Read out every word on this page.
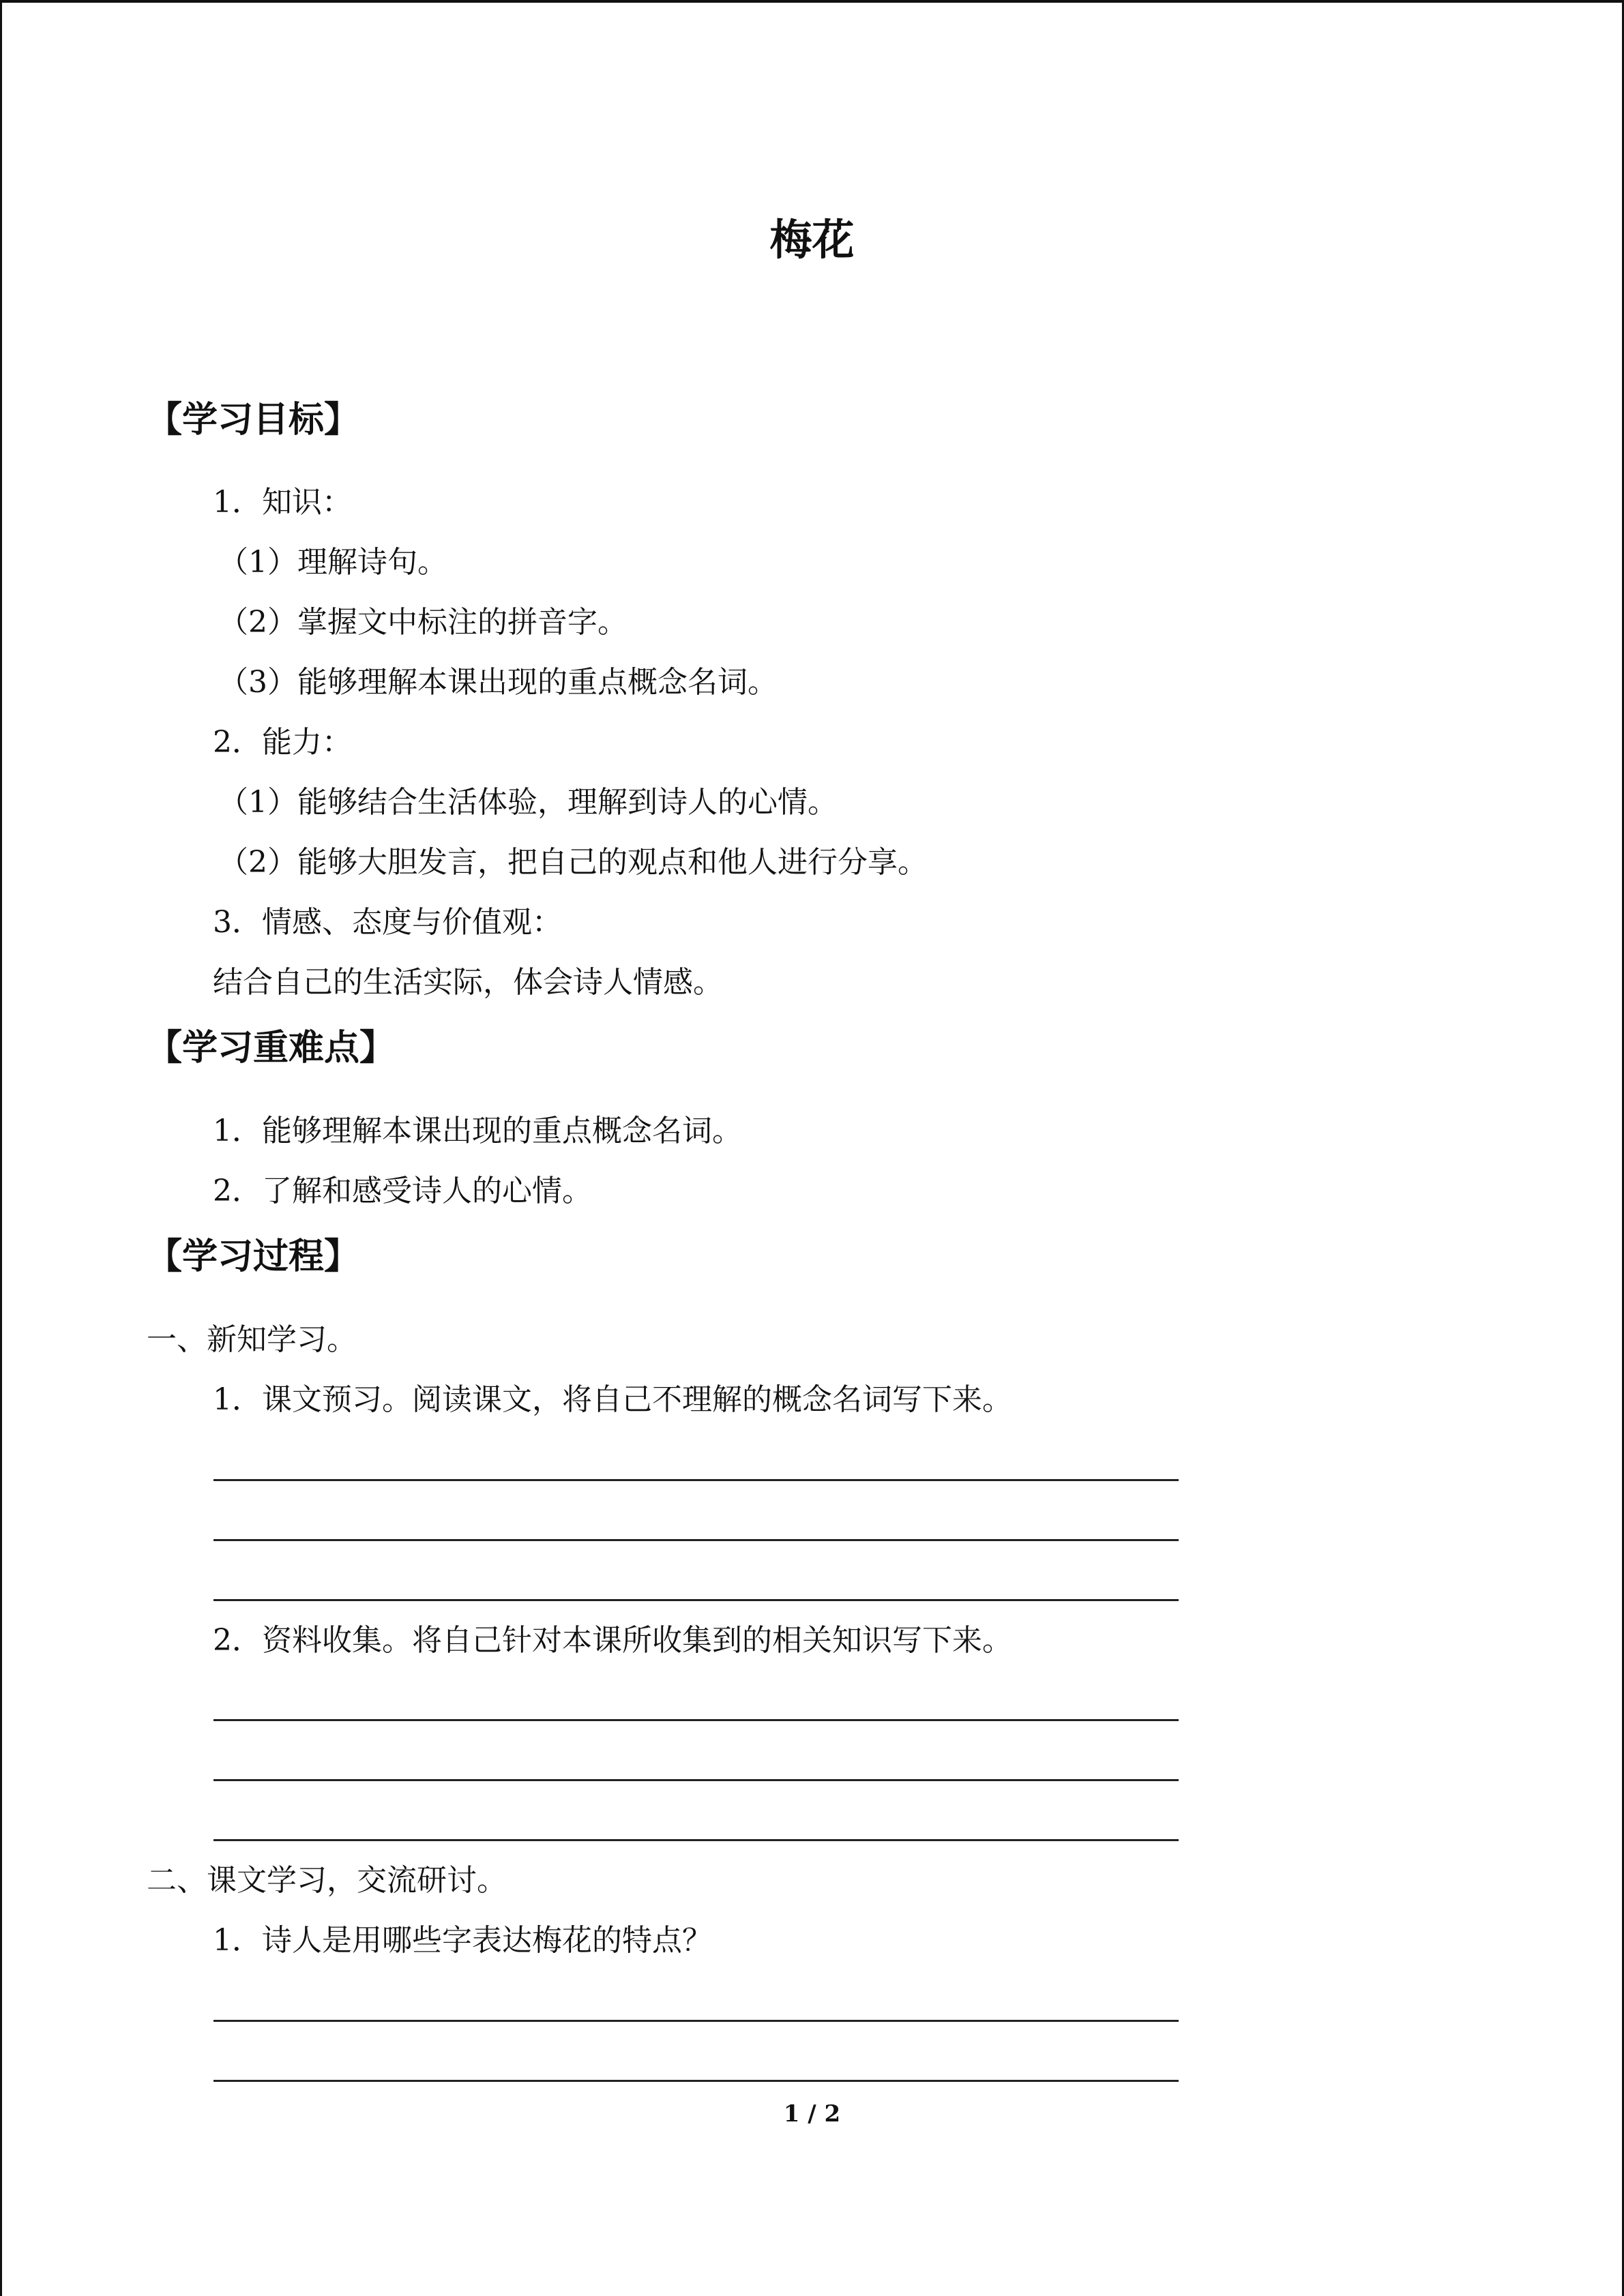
梅花
【学习目标】
1．知识：
（1）理解诗句。
（2）掌握文中标注的拼音字。
（3）能够理解本课出现的重点概念名词。
2．能力：
（1）能够结合生活体验，理解到诗人的心情。
（2）能够大胆发言，把自己的观点和他人进行分享。
3．情感、态度与价值观：
结合自己的生活实际，体会诗人情感。
【学习重难点】
1．能够理解本课出现的重点概念名词。
2．了解和感受诗人的心情。
【学习过程】
一、新知学习。
1．课文预习。阅读课文，将自己不理解的概念名词写下来。
2．资料收集。将自己针对本课所收集到的相关知识写下来。
二、课文学习，交流研讨。
1．诗人是用哪些字表达梅花的特点？
1 / 2
